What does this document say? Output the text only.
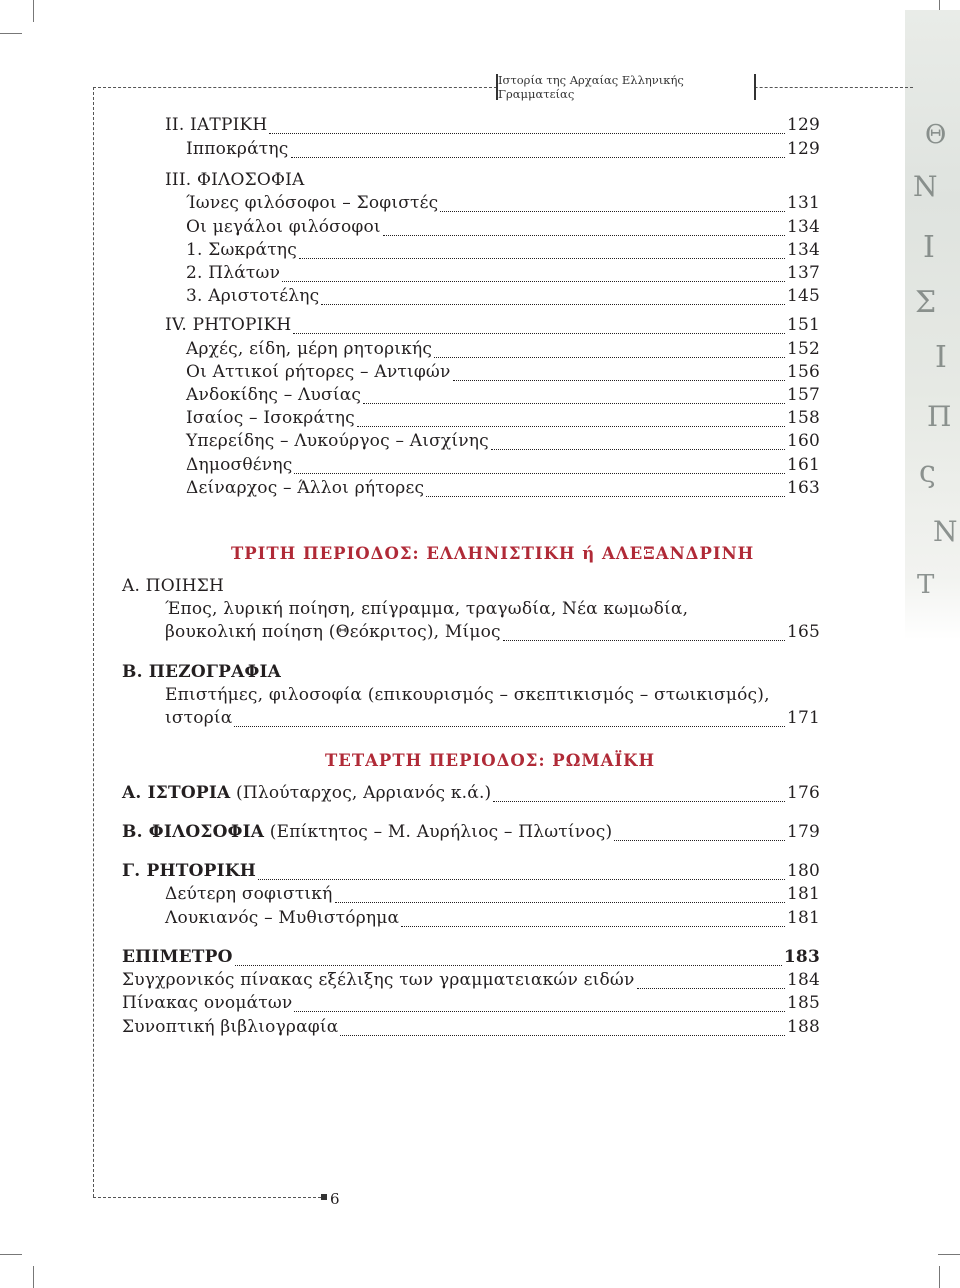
Θ
Ν
Ι
Σ
Ι
Π
ς
Ν
Τ
Ιστορία της Αρχαίας Ελληνικής Γραμματείας
6
ΙΙ. ΙΑΤΡΙΚΗ	129
Ιπποκράτης	129
ΙΙΙ. ΦΙΛΟΣΟΦΙΑ
Ίωνες φιλόσοφοι – Σοφιστές	131
Οι μεγάλοι φιλόσοφοι	134
1. Σωκράτης	134
2. Πλάτων	137
3. Αριστοτέλης	145
IV. ΡΗΤΟΡΙΚΗ	151
Αρχές, είδη, μέρη ρητορικής	152
Οι Αττικοί ρήτορες – Αντιφών	156
Ανδοκίδης – Λυσίας	157
Ισαίος – Ισοκράτης	158
Υπερείδης – Λυκούργος – Αισχίνης	160
Δημοσθένης	161
Δείναρχος – Άλλοι ρήτορες	163
ΤΡΙΤΗ ΠΕΡΙΟΔΟΣ: ΕΛΛΗΝΙΣΤΙΚΗ ή ΑΛΕΞΑΝΔΡΙΝΗ
Α. ΠΟΙΗΣΗ
Έπος, λυρική ποίηση, επίγραμμα, τραγωδία, Νέα κωμωδία,
βουκολική ποίηση (Θεόκριτος), Μίμος	165
Β. ΠΕΖΟΓΡΑΦΙΑ
Επιστήμες, φιλοσοφία (επικουρισμός – σκεπτικισμός – στωικισμός),
ιστορία	171
ΤΕΤΑΡΤΗ ΠΕΡΙΟΔΟΣ: ΡΩΜΑΪΚΗ
Α. ΙΣΤΟΡΙΑ (Πλούταρχος, Αρριανός κ.ά.)	176
Β. ΦΙΛΟΣΟΦΙΑ (Επίκτητος – Μ. Αυρήλιος – Πλωτίνος)	179
Γ. ΡΗΤΟΡΙΚΗ	180
Δεύτερη σοφιστική	181
Λουκιανός – Μυθιστόρημα	181
ΕΠΙΜΕΤΡΟ	183
Συγχρονικός πίνακας εξέλιξης των γραμματειακών ειδών	184
Πίνακας ονομάτων	185
Συνοπτική βιβλιογραφία	188
